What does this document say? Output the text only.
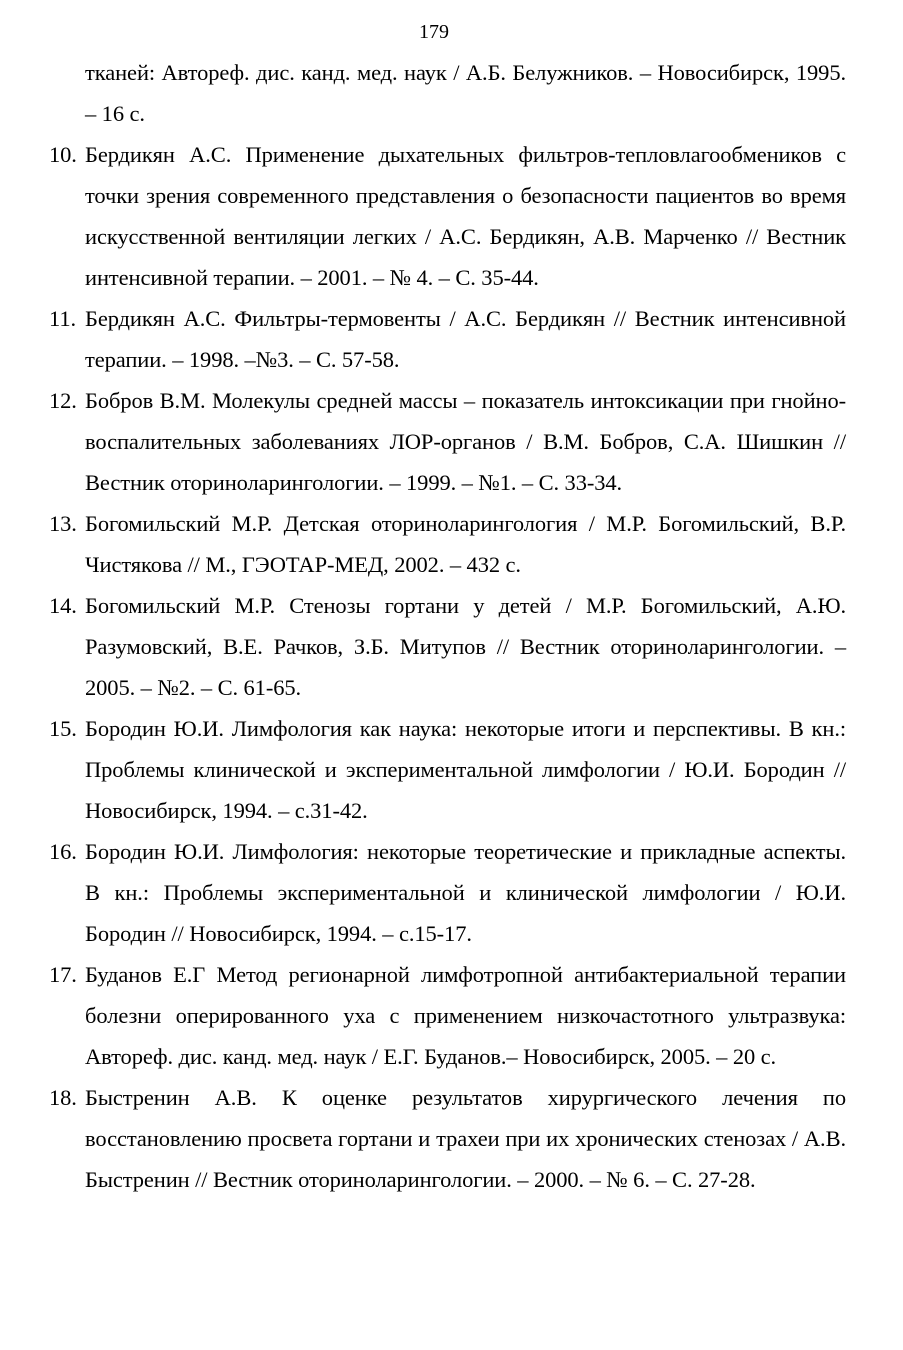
179
тканей: Автореф. дис. канд. мед. наук / А.Б. Белужников. – Новосибирск, 1995. – 16 с.
10. Бердикян А.С. Применение дыхательных фильтров-тепловлагообмеников с точки зрения современного представления о безопасности пациентов во время искусственной вентиляции легких / А.С. Бердикян, А.В. Марченко // Вестник интенсивной терапии. – 2001. – № 4. – С. 35-44.
11. Бердикян А.С. Фильтры-термовенты / А.С. Бердикян // Вестник интенсивной терапии. – 1998. –№3. – С. 57-58.
12. Бобров В.М. Молекулы средней массы – показатель интоксикации при гнойно-воспалительных заболеваниях ЛОР-органов / В.М. Бобров, С.А. Шишкин // Вестник оториноларингологии. – 1999. – №1. – С. 33-34.
13. Богомильский М.Р. Детская оториноларингология / М.Р. Богомильский, В.Р. Чистякова // М., ГЭОТАР-МЕД, 2002. – 432 с.
14. Богомильский М.Р. Стенозы гортани у детей / М.Р. Богомильский, А.Ю. Разумовский, В.Е. Рачков, З.Б. Митупов // Вестник оториноларингологии. – 2005. – №2. – С. 61-65.
15. Бородин Ю.И. Лимфология как наука: некоторые итоги и перспективы. В кн.: Проблемы клинической и экспериментальной лимфологии / Ю.И. Бородин // Новосибирск, 1994. – с.31-42.
16. Бородин Ю.И. Лимфология: некоторые теоретические и прикладные аспекты. В кн.: Проблемы экспериментальной и клинической лимфологии / Ю.И. Бородин // Новосибирск, 1994. – с.15-17.
17. Буданов Е.Г Метод регионарной лимфотропной антибактериальной терапии болезни оперированного уха с применением низкочастотного ультразвука: Автореф. дис. канд. мед. наук / Е.Г. Буданов.– Новосибирск, 2005. – 20 с.
18. Быстренин А.В. К оценке результатов хирургического лечения по восстановлению просвета гортани и трахеи при их хронических стенозах / А.В. Быстренин // Вестник оториноларингологии. – 2000. – № 6. – С. 27-28.
